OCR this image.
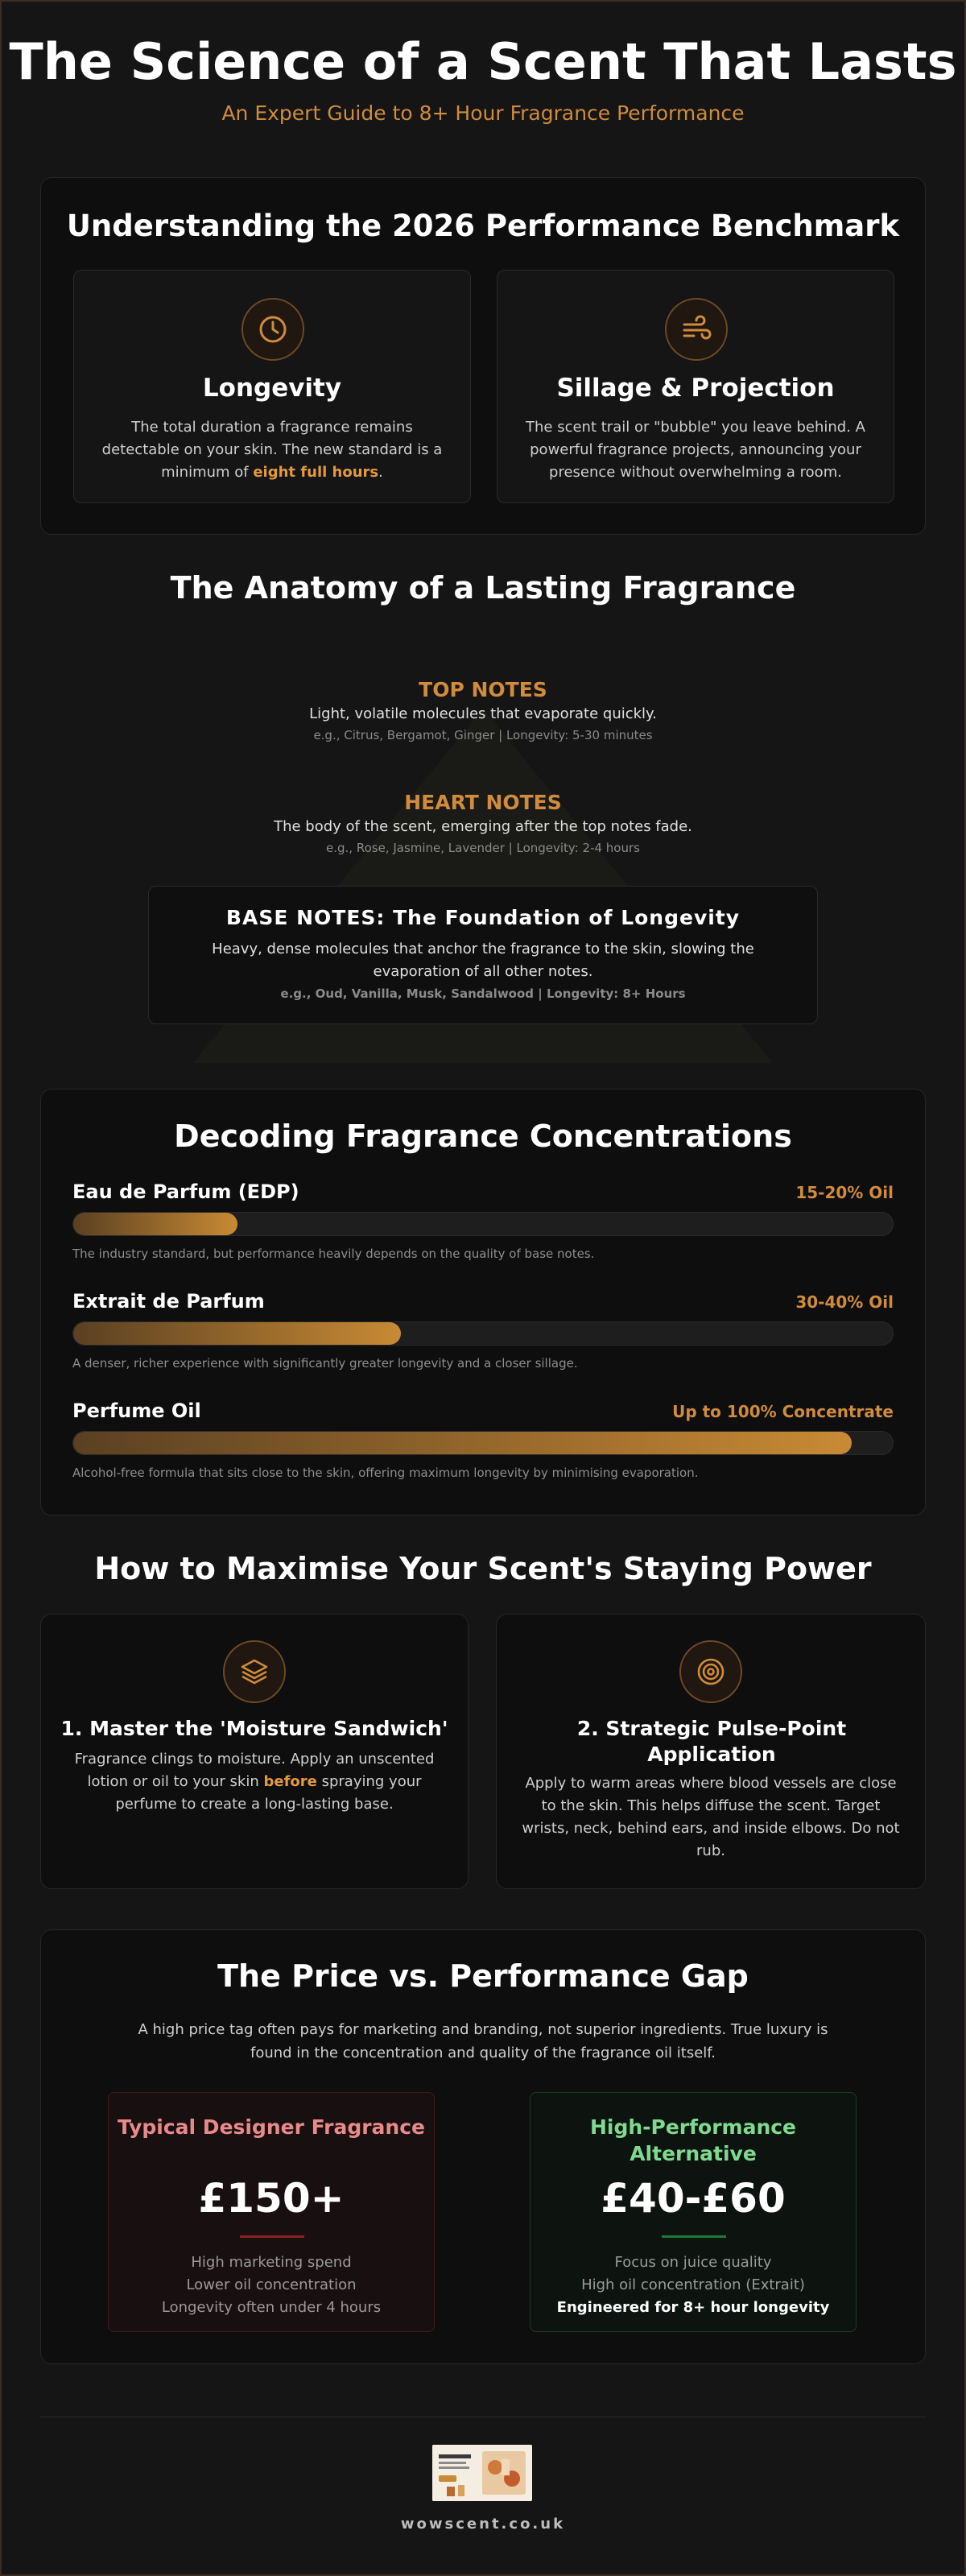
The Science of a Scent That Lasts
An Expert Guide to 8+ Hour Fragrance Performance
Understanding the 2026 Performance Benchmark
Longevity
The total duration a fragrance remains detectable on your skin. The new standard is a minimum of eight full hours.
Sillage & Projection
The scent trail or "bubble" you leave behind. A powerful fragrance projects, announcing your presence without overwhelming a room.
The Anatomy of a Lasting Fragrance
TOP NOTES
Light, volatile molecules that evaporate quickly.
e.g., Citrus, Bergamot, Ginger | Longevity: 5-30 minutes
HEART NOTES
The body of the scent, emerging after the top notes fade.
e.g., Rose, Jasmine, Lavender | Longevity: 2-4 hours
BASE NOTES: The Foundation of Longevity
Heavy, dense molecules that anchor the fragrance to the skin, slowing the evaporation of all other notes.
e.g., Oud, Vanilla, Musk, Sandalwood | Longevity: 8+ Hours
Decoding Fragrance Concentrations
Eau de Parfum (EDP)	15-20% Oil
The industry standard, but performance heavily depends on the quality of base notes.
Extrait de Parfum	30-40% Oil
A denser, richer experience with significantly greater longevity and a closer sillage.
Perfume Oil	Up to 100% Concentrate
Alcohol-free formula that sits close to the skin, offering maximum longevity by minimising evaporation.
How to Maximise Your Scent's Staying Power
1. Master the 'Moisture Sandwich'
Fragrance clings to moisture. Apply an unscented lotion or oil to your skin before spraying your perfume to create a long-lasting base.
2. Strategic Pulse-Point Application
Apply to warm areas where blood vessels are close to the skin. This helps diffuse the scent. Target wrists, neck, behind ears, and inside elbows. Do not rub.
The Price vs. Performance Gap
A high price tag often pays for marketing and branding, not superior ingredients. True luxury is found in the concentration and quality of the fragrance oil itself.
Typical Designer Fragrance
£150+
High marketing spend
Lower oil concentration
Longevity often under 4 hours
High-Performance Alternative
£40-£60
Focus on juice quality
High oil concentration (Extrait)
Engineered for 8+ hour longevity
wowscent.co.uk
